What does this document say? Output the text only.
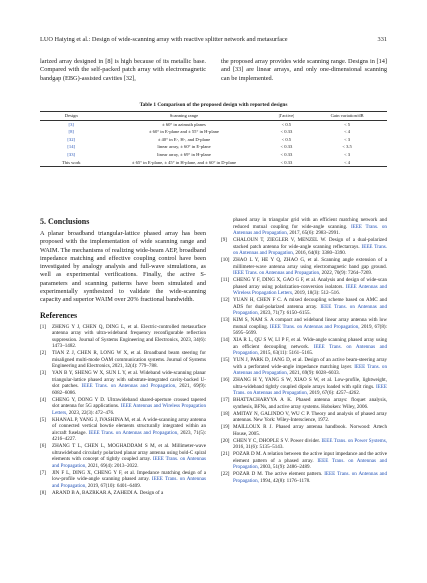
LUO Haiying et al.: Design of wide-scanning array with reactive splitter network and metasurface	331

larized array designed in [8] is high because of its metallic base. Compared with the self-packed patch array with electromagnetic bandgap (EBG)-assisted cavities [32],

the proposed array provides wide scanning range. Designs in [14] and [33] are linear arrays, and only one-dimensional scanning can be implemented.

Table 1 Comparison of the proposed design with reported designs
Design	Scanning range	|Γactive|	Gain variation/dB
[3]	± 60° in azimuth planes	< 0.5	< 5
[8]	± 60° in E-plane and ± 55° in H-plane	< 0.33	< 4
[32]	± 40° in E-, H-, and D-plane	< 0.5	< 3
[14]	linear array, ± 60° in E-plane	< 0.33	< 3.5
[33]	linear array, ± 69° in H-plane	< 0.33	< 3
This work	± 65° in E-plane, ± 45° in H-plane, and ± 60° in D-plane	< 0.33	< 4
5. Conclusions

A planar broadband triangular-lattice phased array has been proposed with the implementation of wide scanning range and WAIM. The mechanisms of realizing wide-beam AEP, broadband impedance matching and effective coupling control have been investigated by analogy analysis and full-wave simulations, as well as experimental verifications. Finally, the active S-parameters and scanning patterns have been simulated and experimentally synthesized to validate the wide-scanning capacity and superior WAIM over 20% fractional bandwidth.

References
[1] ZHENG Y J, CHEN Q, DING L, et al. Electric-controlled metasurface antenna array with ultra-wideband frequency reconfigurable reflection suppression. Journal of Systems Engineering and Electronics, 2023, 34(6): 1473–1482.
[2] TIAN Z J, CHEN R, LONG W X, et al. Broadband beam steering for misaligned multi-mode OAM communication systems. Journal of Systems Engineering and Electronics, 2021, 32(4): 779–788.
[3] YAN B Y, SHENG W X, SUN L Y, et al. Wideband wide-scanning planar triangular-lattice phased array with substrate-integrated cavity-backed U-slot patches. IEEE Trans. on Antennas and Propagation, 2021, 69(9): 6082–6086.
[4] CHENG Y, DONG Y D. Ultrawideband shared-aperture crossed tapered slot antenna for 5G applications. IEEE Antennas and Wireless Propagation Letters, 2023, 22(3): 472–476.
[5] KHANAL P, YANG J, IVASHINA M, et al. A wide-scanning array antenna of connected vertical bowtie elements structurally integrated within an aircraft fuselage. IEEE Trans. on Antennas and Propagation, 2023, 71(5): 4216–4227.
[6] ZHANG T L, CHEN L, MOGHADDAM S M, et al. Millimeter-wave ultrawideband circularly polarized planar array antenna using bold-C spiral elements with concept of tightly coupled array. IEEE Trans. on Antennas and Propagation, 2021, 69(4): 2013–2022.
[7] JIN F L, DING X, CHENG Y F, et al. Impedance matching design of a low-profile wide-angle scanning phased array. IEEE Trans. on Antennas and Propagation, 2019, 67(10): 6401–6409.
[8] ARAND B A, BAZRKAR A, ZAHEDI A. Design of a
phased array in triangular grid with an efficient matching network and reduced mutual coupling for wide-angle scanning. IEEE Trans. on Antennas and Propagation, 2017, 65(6): 2983–2991.
[9] CHALOUN T, ZIEGLER V, MENZEL W. Design of a dual-polarized stacked patch antenna for wide-angle scanning reflectarrays. IEEE Trans. on Antennas and Propagation, 2016, 64(8): 3380–3390.
[10] ZHAO L Y, HE Y Q, ZHAO G, et al. Scanning angle extension of a millimeter-wave antenna array using electromagnetic band gap ground. IEEE Trans. on Antennas and Propagation, 2022, 70(9): 7264–7269.
[11] CHENG Y F, DING X, GAO G F, et al. Analysis and design of wide-scan phased array using polarization-conversion isolators. IEEE Antennas and Wireless Propagation Letters, 2019, 18(3): 512–516.
[12] YUAN H, CHEN F C. A mixed decoupling scheme based on AMC and ADS for dual-polarized antenna array. IEEE Trans. on Antennas and Propagation, 2023, 71(7): 6150–6155.
[13] KIM S, NAM S. A compact and wideband linear array antenna with low mutual coupling. IEEE Trans. on Antennas and Propagation, 2019, 67(8): 5695–5699.
[14] XIA R L, QU S W, LI P F, et al. Wide-angle scanning phased array using an efficient decoupling network. IEEE Trans. on Antennas and Propagation, 2015, 63(11): 5161–5165.
[15] YUN J, PARK D, JANG D, et al. Design of an active beam-steering array with a perforated wide-angle impedance matching layer. IEEE Trans. on Antennas and Propagation, 2021, 69(9): 6028–6033.
[16] ZHANG H Y, YANG S W, XIAO S W, et al. Low-profile, lightweight, ultra-wideband tightly coupled dipole arrays loaded with split rings. IEEE Trans. on Antennas and Propagation, 2019, 67(6): 4257–4262.
[17] BHATTACHARYYA A K. Phased antenna arrays: floquet analysis, synthesis, BFNs, and active array systems. Hoboken: Wiley, 2006.
[18] AMITAY N, GALINDO V, WU C P. Theory and analysis of phased array antennas. New York: Wiley-Interscience, 1972.
[19] MAILLOUX R J. Phased array antenna handbook. Norwood: Artech House, 2005.
[20] CHEN Y C, DHOPLE S V. Power divider. IEEE Trans. on Power Systems, 2016, 31(6): 5135–5143.
[21] POZAR D M. A relation between the active input impedance and the active element pattern of a phased array. IEEE Trans. on Antennas and Propagation, 2003, 51(9): 2486–2489.
[22] POZAR D M. The active element pattern. IEEE Trans. on Antennas and Propagation, 1994, 42(8): 1176–1178.
